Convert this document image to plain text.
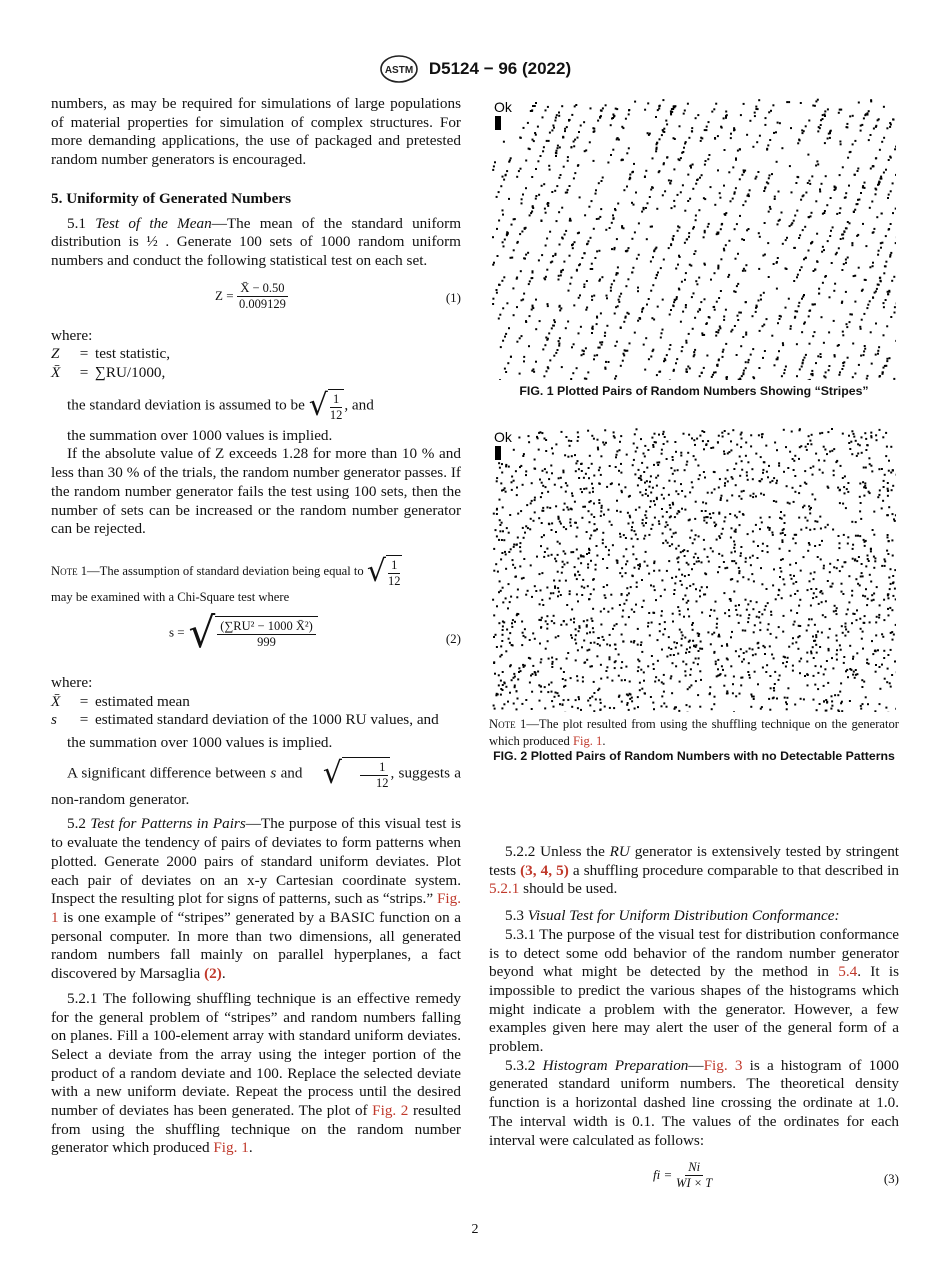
ASTM D5124 − 96 (2022)

numbers, as may be required for simulations of large populations of material properties for simulation of complex structures. For more demanding applications, the use of packaged and pretested random number generators is encouraged.

5. Uniformity of Generated Numbers

5.1 Test of the Mean—The mean of the standard uniform distribution is ½ . Generate 100 sets of 1000 random uniform numbers and conduct the following statistical test on each set.

$Z = \frac{X̄ - 0.50}{0.009129}$	(1)

where:

Z	= test statistic,
X̄	= ∑RU/1000,

the standard deviation is assumed to be √ $\frac{1}{12}$ , and

the summation over 1000 values is implied.

If the absolute value of Z exceeds 1.28 for more than 10 % and less than 30 % of the trials, the random number generator passes. If the random number generator fails the test using 100 sets, then the number of sets can be increased or the random number generator can be rejected.

Note 1—The assumption of standard deviation being equal to √ $\frac{1}{12}$

may be examined with a Chi-Square test where

s = √ $\frac{\text{(∑RU² − 1000 X̄²)}}{999}$	(2)

where:

X̄	= estimated mean
s	= estimated standard deviation of the 1000 RU values, and

the summation over 1000 values is implied.

A significant difference between s and √ $\frac{1}{12}$ , suggests a non-random generator.

5.2 Test for Patterns in Pairs—The purpose of this visual test is to evaluate the tendency of pairs of deviates to form patterns when plotted. Generate 2000 pairs of standard uniform deviates. Plot each pair of deviates on an x-y Cartesian coordinate system. Inspect the resulting plot for signs of patterns, such as “strips.” Fig. 1 is one example of “stripes” generated by a BASIC function on a personal computer. In more than two dimensions, all generated random numbers fall mainly on parallel hyperplanes, a fact discovered by Marsaglia (2).

5.2.1 The following shuffling technique is an effective remedy for the general problem of “stripes” and random numbers falling on planes. Fill a 100-element array with standard uniform deviates. Select a deviate from the array using the integer portion of the product of a random deviate and 100. Replace the selected deviate with a new uniform deviate. Repeat the process until the desired number of deviates has been generated. The plot of Fig. 2 resulted from using the shuffling technique on the random number generator which produced Fig. 1.

Ok
FIG. 1 Plotted Pairs of Random Numbers Showing “Stripes”
Ok

Note 1—The plot resulted from using the shuffling technique on the generator which produced Fig. 1.

FIG. 2 Plotted Pairs of Random Numbers with no Detectable Patterns

5.2.2 Unless the RU generator is extensively tested by stringent tests (3, 4, 5) a shuffling procedure comparable to that described in 5.2.1 should be used.

5.3 Visual Test for Uniform Distribution Conformance:

5.3.1 The purpose of the visual test for distribution conformance is to detect some odd behavior of the random number generator beyond what might be detected by the method in 5.4. It is impossible to predict the various shapes of the histograms which might indicate a problem with the generator. However, a few examples given here may alert the user of the general form of a problem.

5.3.2 Histogram Preparation—Fig. 3 is a histogram of 1000 generated standard uniform numbers. The theoretical density function is a horizontal dashed line crossing the ordinate at 1.0. The interval width is 0.1. The values of the ordinates for each interval were calculated as follows:

fi = $\frac{Ni}{WI \times T}$	(3)
2
